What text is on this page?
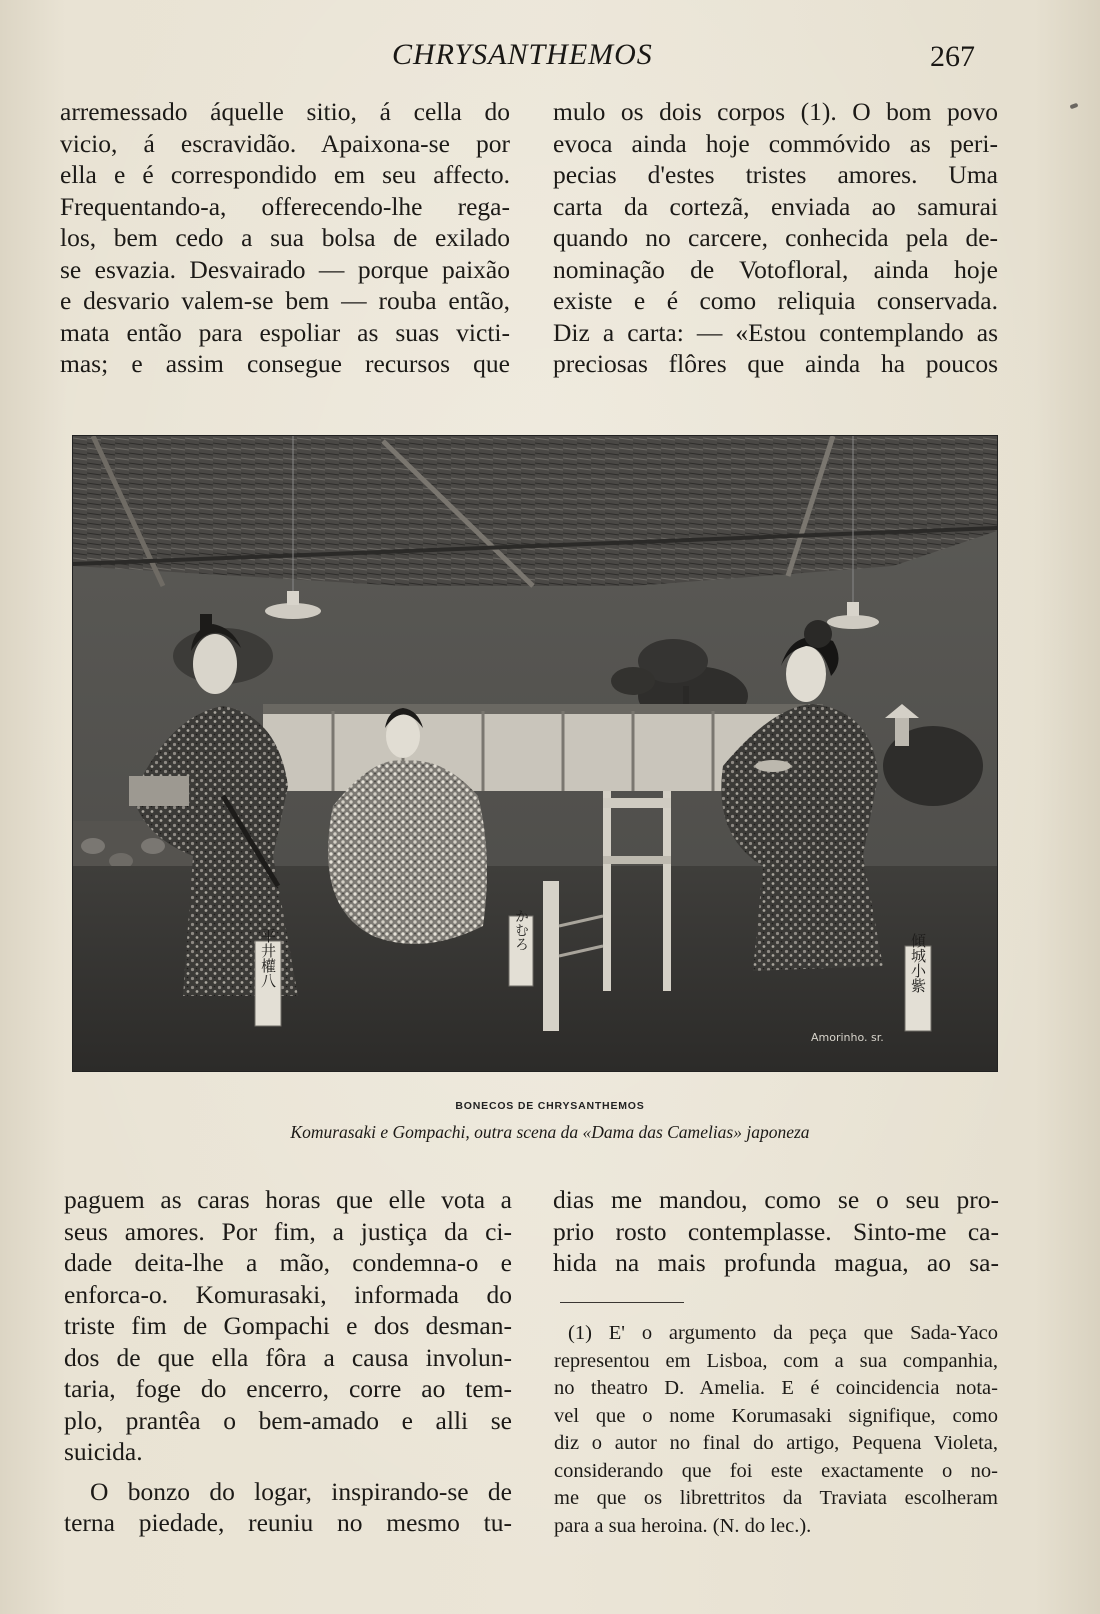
CHRYSANTHEMOS	267
arremessado áquelle sitio, á cella do
vicio, á escravidão. Apaixona-se por
ella e é correspondido em seu affecto.
Frequentando-a, offerecendo-lhe rega-
los, bem cedo a sua bolsa de exilado
se esvazia. Desvairado — porque paixão
e desvario valem-se bem — rouba então,
mata então para espoliar as suas victi-
mas; e assim consegue recursos que
mulo os dois corpos (1). O bom povo
evoca ainda hoje commóvido as peri-
pecias d'estes tristes amores. Uma
carta da cortezã, enviada ao samurai
quando no carcere, conhecida pela de-
nominação de Votofloral, ainda hoje
existe e é como reliquia conservada.
Diz a carta: — «Estou contemplando as
preciosas flôres que ainda ha poucos
平井權八	かむろ
傾城小紫
Amorinho. sr.
BONECOS DE CHRYSANTHEMOS
Komurasaki e Gompachi, outra scena da «Dama das Camelias» japoneza
paguem as caras horas que elle vota a
seus amores. Por fim, a justiça da ci-
dade deita-lhe a mão, condemna-o e
enforca-o. Komurasaki, informada do
triste fim de Gompachi e dos desman-
dos de que ella fôra a causa involun-
taria, foge do encerro, corre ao tem-
plo, prantêa o bem-amado e alli se
suicida.
O bonzo do logar, inspirando-se de
terna piedade, reuniu no mesmo tu-
dias me mandou, como se o seu pro-
prio rosto contemplasse. Sinto-me ca-
hida na mais profunda magua, ao sa-
(1) E' o argumento da peça que Sada-Yaco
representou em Lisboa, com a sua companhia,
no theatro D. Amelia. E é coincidencia nota-
vel que o nome Korumasaki signifique, como
diz o autor no final do artigo, Pequena Violeta,
considerando que foi este exactamente o no-
me que os librettritos da Traviata escolheram
para a sua heroina. (N. do lec.).
